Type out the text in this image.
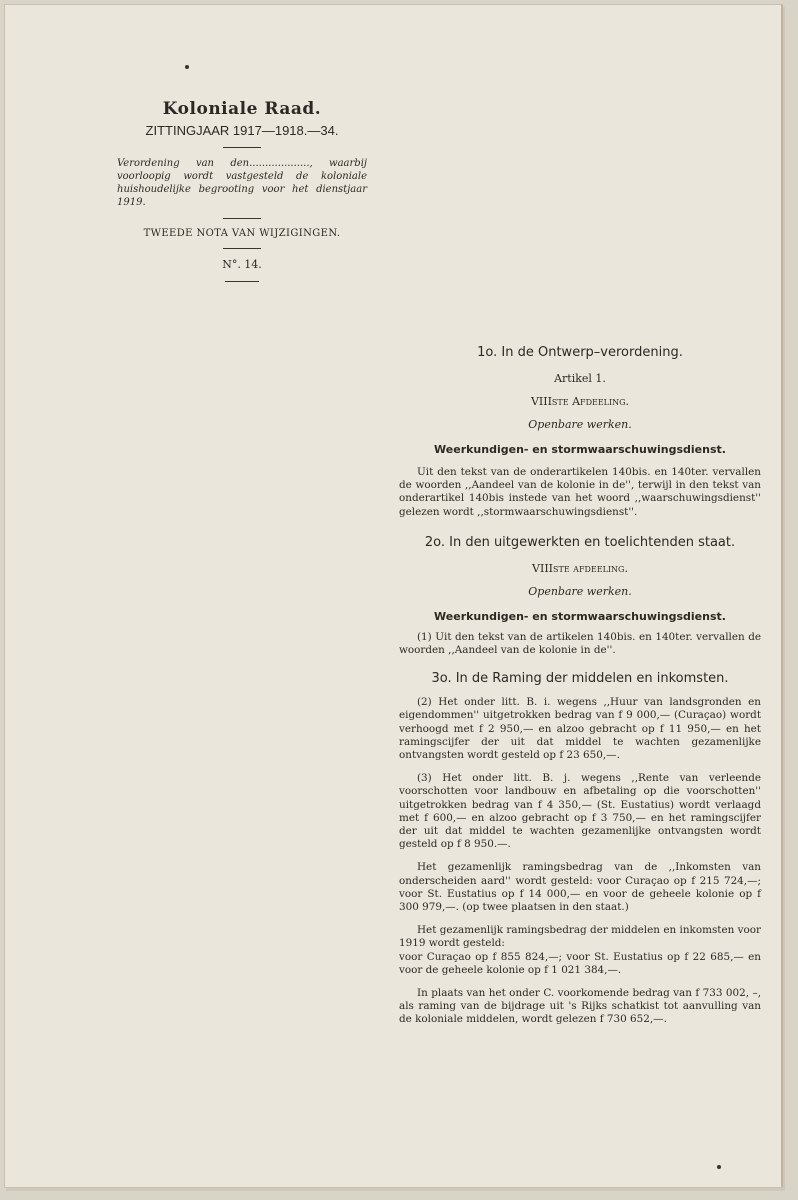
Koloniale Raad.
ZITTINGJAAR 1917—1918.—34.
Verordening van den..................., waarbij voorloopig wordt vastgesteld de koloniale huishoudelijke begrooting voor het dienstjaar 1919.
TWEEDE NOTA VAN WIJZIGINGEN.
N°. 14.
1o. In de Ontwerp–verordening.
Artikel 1.
VIIIste Afdeeling.
Openbare werken.
Weerkundigen- en stormwaarschuwingsdienst.

Uit den tekst van de onderartikelen 140bis. en 140ter. vervallen de woorden ,,Aandeel van de kolonie in de'', terwijl in den tekst van onderartikel 140bis instede van het woord ,,waarschuwingsdienst'' gelezen wordt ,,stormwaarschuwingsdienst''.

2o. In den uitgewerkten en toelichtenden staat.
VIIIste afdeeling.
Openbare werken.
Weerkundigen- en stormwaarschuwingsdienst.

(1) Uit den tekst van de artikelen 140bis. en 140ter. vervallen de woorden ,,Aandeel van de kolonie in de''.

3o. In de Raming der middelen en inkomsten.

(2) Het onder litt. B. i. wegens ,,Huur van landsgronden en eigendommen'' uitgetrokken bedrag van f 9 000,— (Curaçao) wordt verhoogd met f 2 950,— en alzoo gebracht op f 11 950,— en het ramingscijfer der uit dat middel te wachten gezamenlijke ontvangsten wordt gesteld op f 23 650,—.

(3) Het onder litt. B. j. wegens ,,Rente van verleende voorschotten voor landbouw en afbetaling op die voorschotten'' uitgetrokken bedrag van f 4 350,— (St. Eustatius) wordt verlaagd met f 600,— en alzoo gebracht op f 3 750,— en het ramingscijfer der uit dat middel te wachten gezamenlijke ontvangsten wordt gesteld op f 8 950.—.

Het gezamenlijk ramingsbedrag van de ,,Inkomsten van onderscheiden aard'' wordt gesteld: voor Curaçao op f 215 724,—; voor St. Eustatius op f 14 000,— en voor de geheele kolonie op f 300 979,—. (op twee plaatsen in den staat.)

Het gezamenlijk ramingsbedrag der middelen en inkomsten voor 1919 wordt gesteld:

voor Curaçao op f 855 824,—; voor St. Eustatius op f 22 685,— en voor de geheele kolonie op f 1 021 384,—.

In plaats van het onder C. voorkomende bedrag van f 733 002, –, als raming van de bijdrage uit 's Rijks schatkist tot aanvulling van de koloniale middelen, wordt gelezen f 730 652,—.
